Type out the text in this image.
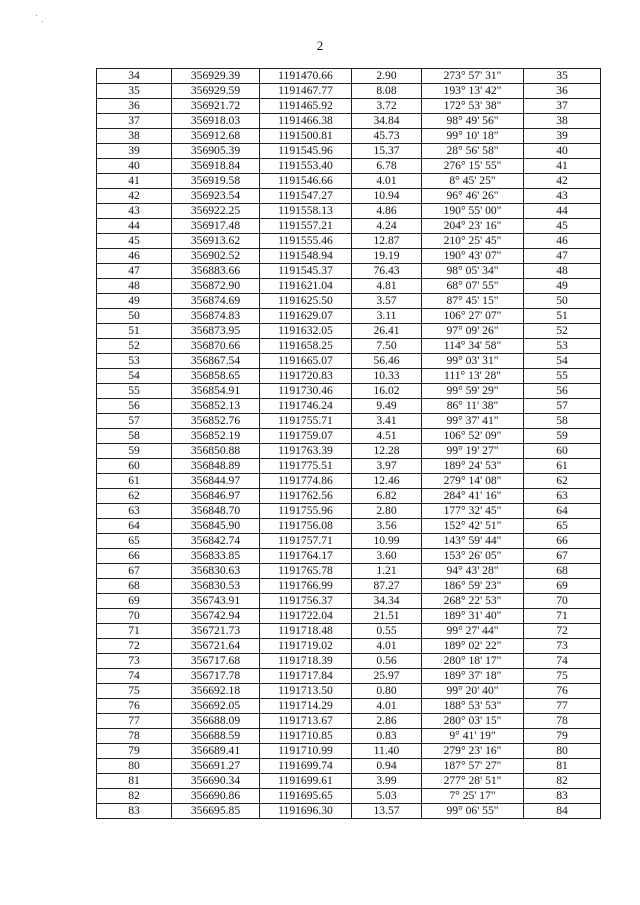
2
34	356929.39	1191470.66	2.90	273° 57' 31"	35
35	356929.59	1191467.77	8.08	193° 13' 42"	36
36	356921.72	1191465.92	3.72	172° 53' 38"	37
37	356918.03	1191466.38	34.84	98° 49' 56"	38
38	356912.68	1191500.81	45.73	99° 10' 18"	39
39	356905.39	1191545.96	15.37	28° 56' 58"	40
40	356918.84	1191553.40	6.78	276° 15' 55"	41
41	356919.58	1191546.66	4.01	8° 45' 25"	42
42	356923.54	1191547.27	10.94	96° 46' 26"	43
43	356922.25	1191558.13	4.86	190° 55' 00"	44
44	356917.48	1191557.21	4.24	204° 23' 16"	45
45	356913.62	1191555.46	12.87	210° 25' 45"	46
46	356902.52	1191548.94	19.19	190° 43' 07"	47
47	356883.66	1191545.37	76.43	98° 05' 34"	48
48	356872.90	1191621.04	4.81	68° 07' 55"	49
49	356874.69	1191625.50	3.57	87° 45' 15"	50
50	356874.83	1191629.07	3.11	106° 27' 07"	51
51	356873.95	1191632.05	26.41	97° 09' 26"	52
52	356870.66	1191658.25	7.50	114° 34' 58"	53
53	356867.54	1191665.07	56.46	99° 03' 31"	54
54	356858.65	1191720.83	10.33	111° 13' 28"	55
55	356854.91	1191730.46	16.02	99° 59' 29"	56
56	356852.13	1191746.24	9.49	86° 11' 38"	57
57	356852.76	1191755.71	3.41	99° 37' 41"	58
58	356852.19	1191759.07	4.51	106° 52' 09"	59
59	356850.88	1191763.39	12.28	99° 19' 27"	60
60	356848.89	1191775.51	3.97	189° 24' 53"	61
61	356844.97	1191774.86	12.46	279° 14' 08"	62
62	356846.97	1191762.56	6.82	284° 41' 16"	63
63	356848.70	1191755.96	2.80	177° 32' 45"	64
64	356845.90	1191756.08	3.56	152° 42' 51"	65
65	356842.74	1191757.71	10.99	143° 59' 44"	66
66	356833.85	1191764.17	3.60	153° 26' 05"	67
67	356830.63	1191765.78	1.21	94° 43' 28"	68
68	356830.53	1191766.99	87.27	186° 59' 23"	69
69	356743.91	1191756.37	34.34	268° 22' 53"	70
70	356742.94	1191722.04	21.51	189° 31' 40"	71
71	356721.73	1191718.48	0.55	99° 27' 44"	72
72	356721.64	1191719.02	4.01	189° 02' 22"	73
73	356717.68	1191718.39	0.56	280° 18' 17"	74
74	356717.78	1191717.84	25.97	189° 37' 18"	75
75	356692.18	1191713.50	0.80	99° 20' 40"	76
76	356692.05	1191714.29	4.01	188° 53' 53"	77
77	356688.09	1191713.67	2.86	280° 03' 15"	78
78	356688.59	1191710.85	0.83	9° 41' 19"	79
79	356689.41	1191710.99	11.40	279° 23' 16"	80
80	356691.27	1191699.74	0.94	187° 57' 27"	81
81	356690.34	1191699.61	3.99	277° 28' 51"	82
82	356690.86	1191695.65	5.03	7° 25' 17"	83
83	356695.85	1191696.30	13.57	99° 06' 55"	84
